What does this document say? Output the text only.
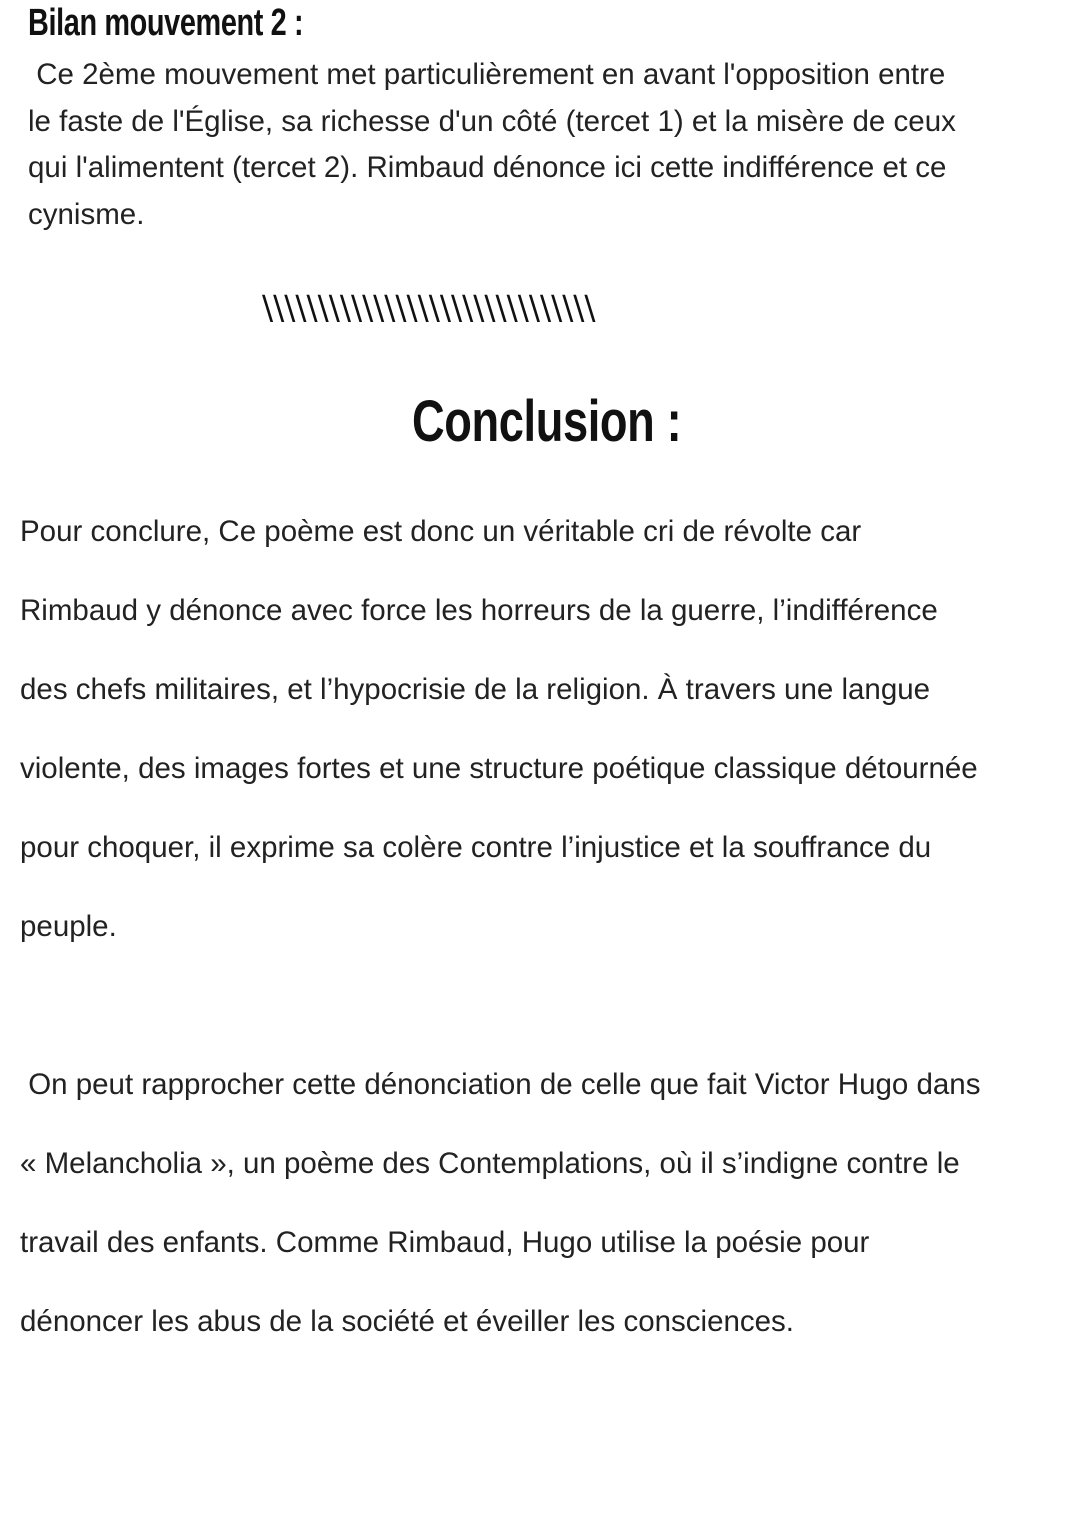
Bilan mouvement 2 :

Ce 2ème mouvement met particulièrement en avant l'opposition entre
le faste de l'Église, sa richesse d'un côté (tercet 1) et la misère de ceux
qui l'alimentent (tercet 2). Rimbaud dénonce ici cette indifférence et ce
cynisme.

\\\\\\\\\\\\\\\\\\\\\\\\\\\\\\
Conclusion :

Pour conclure, Ce poème est donc un véritable cri de révolte car
Rimbaud y dénonce avec force les horreurs de la guerre, l’indifférence
des chefs militaires, et l’hypocrisie de la religion. À travers une langue
violente, des images fortes et une structure poétique classique détournée
pour choquer, il exprime sa colère contre l’injustice et la souffrance du
peuple.

On peut rapprocher cette dénonciation de celle que fait Victor Hugo dans
« Melancholia », un poème des Contemplations, où il s’indigne contre le
travail des enfants. Comme Rimbaud, Hugo utilise la poésie pour
dénoncer les abus de la société et éveiller les consciences.
